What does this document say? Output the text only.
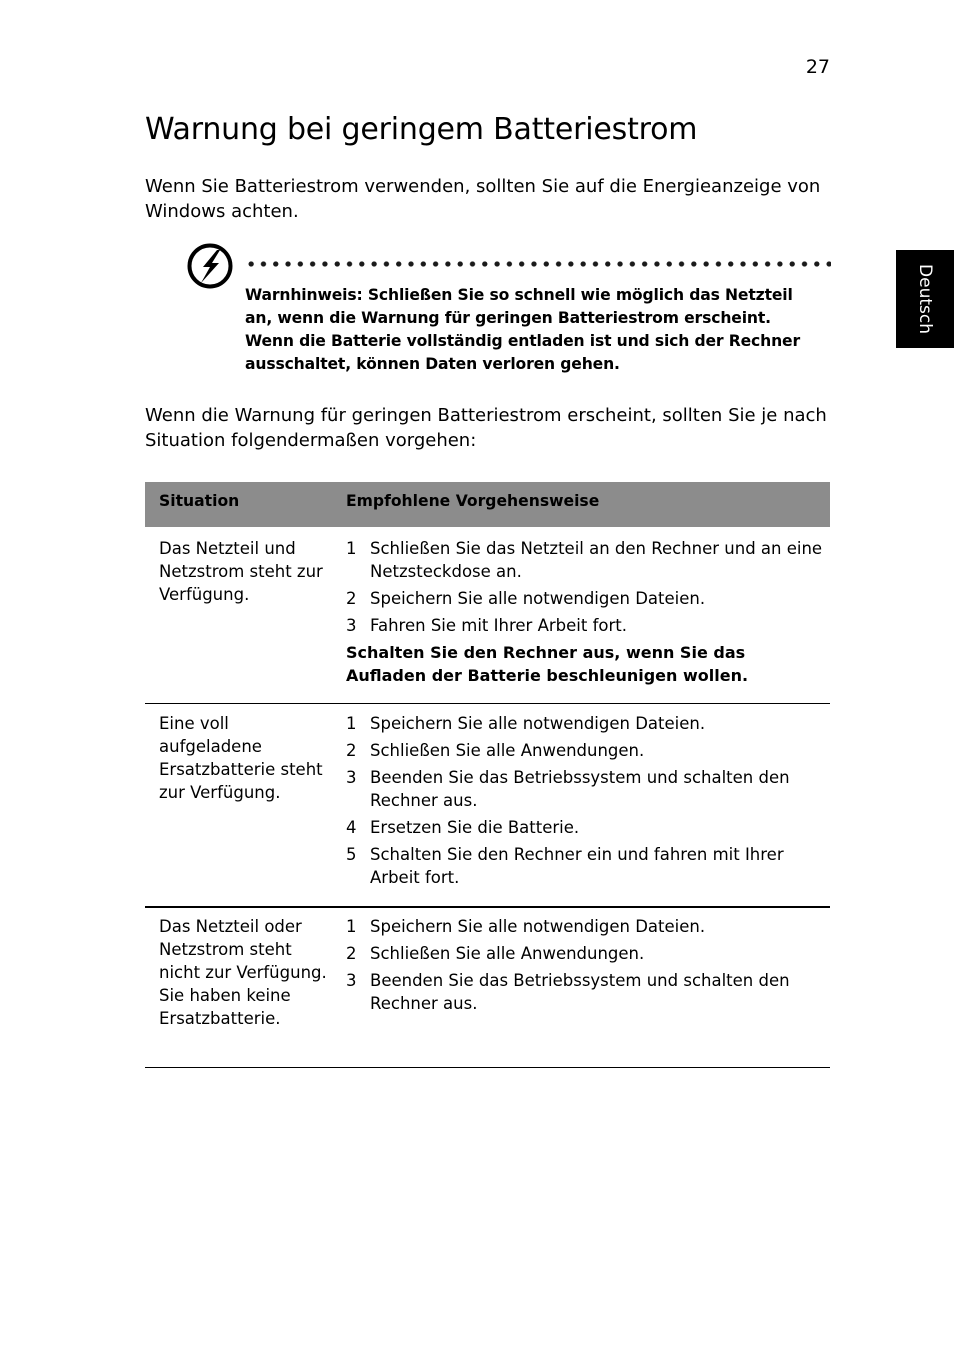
27
Warnung bei geringem Batteriestrom

Wenn Sie Batteriestrom verwenden, sollten Sie auf die Energieanzeige von Windows achten.

Warnhinweis: Schließen Sie so schnell wie möglich das Netzteil an, wenn die Warnung für geringen Batteriestrom erscheint. Wenn die Batterie vollständig entladen ist und sich der Rechner ausschaltet, können Daten verloren gehen.

Wenn die Warnung für geringen Batteriestrom erscheint, sollten Sie je nach Situation folgendermaßen vorgehen:

Deutsch
Situation	Empfohlene Vorgehensweise
Das Netzteil und Netzstrom steht zur Verfügung.
1 Schließen Sie das Netzteil an den Rechner und an eine Netzsteckdose an.
2 Speichern Sie alle notwendigen Dateien.
3 Fahren Sie mit Ihrer Arbeit fort.
Schalten Sie den Rechner aus, wenn Sie das Aufladen der Batterie beschleunigen wollen.
Eine voll aufgeladene Ersatzbatterie steht zur Verfügung.
1 Speichern Sie alle notwendigen Dateien.
2 Schließen Sie alle Anwendungen.
3 Beenden Sie das Betriebssystem und schalten den Rechner aus.
4 Ersetzen Sie die Batterie.
5 Schalten Sie den Rechner ein und fahren mit Ihrer Arbeit fort.
Das Netzteil oder Netzstrom steht nicht zur Verfügung. Sie haben keine Ersatzbatterie.
1 Speichern Sie alle notwendigen Dateien.
2 Schließen Sie alle Anwendungen.
3 Beenden Sie das Betriebssystem und schalten den Rechner aus.
